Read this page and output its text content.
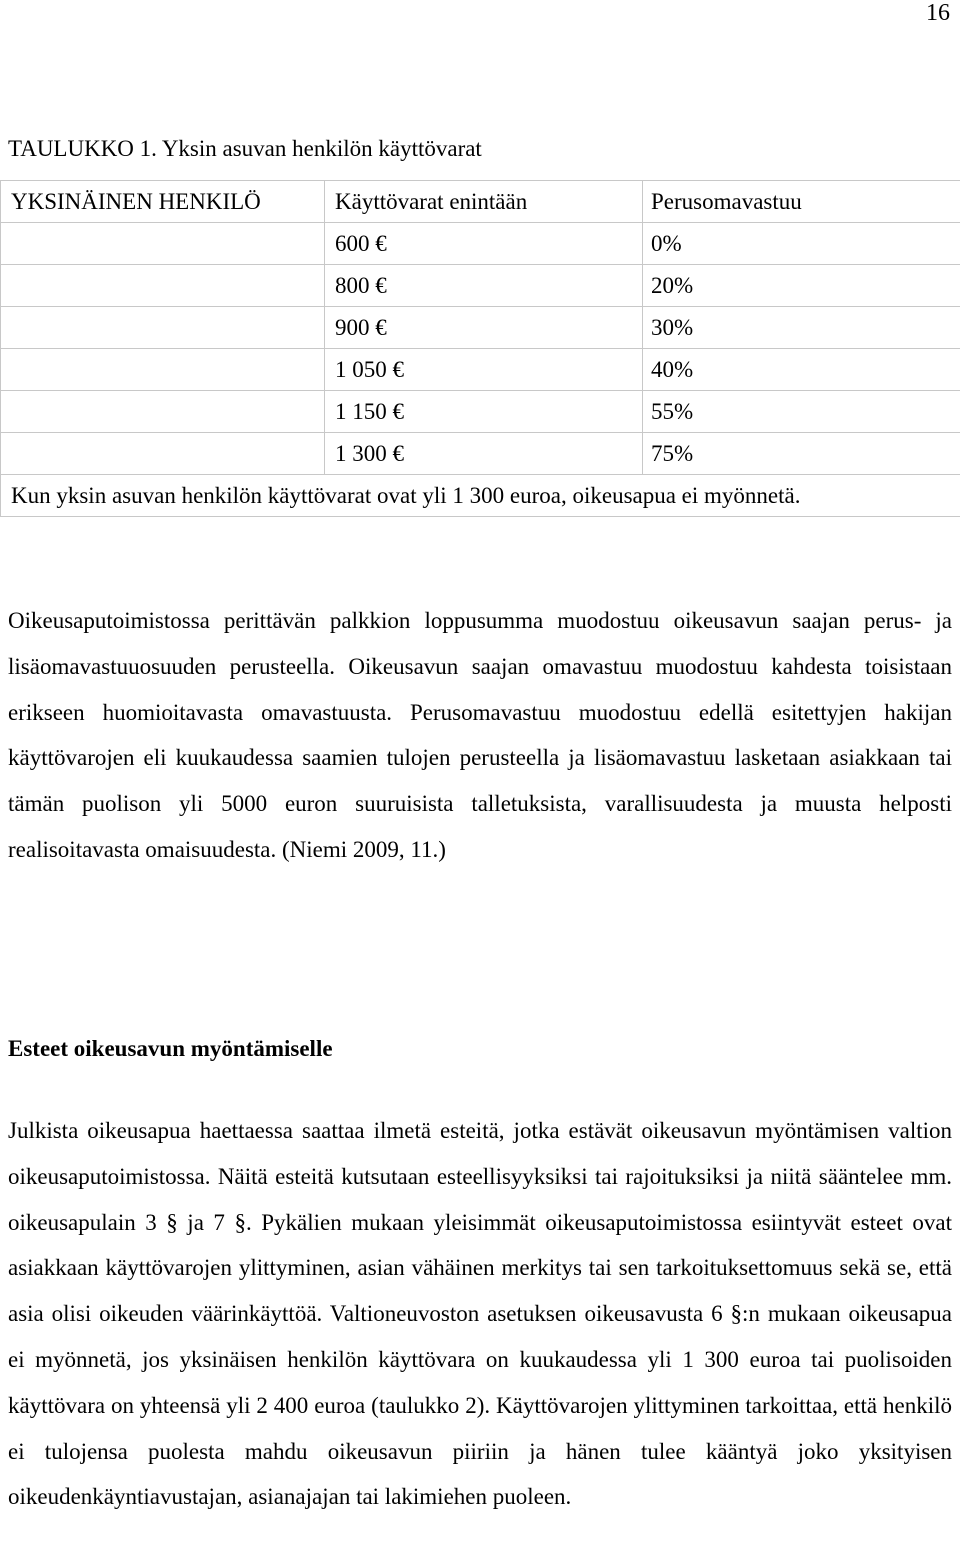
16
TAULUKKO 1. Yksin asuvan henkilön käyttövarat
YKSINÄINEN HENKILÖ	Käyttövarat enintään	Perusomavastuu
	600 €	0%
	800 €	20%
	900 €	30%
	1 050 €	40%
	1 150 €	55%
	1 300 €	75%
Kun yksin asuvan henkilön käyttövarat ovat yli 1 300 euroa, oikeusapua ei myönnetä.		

Oikeusaputoimistossa perittävän palkkion loppusumma muodostuu oikeusavun saajan perus- ja lisäomavastuuosuuden perusteella. Oikeusavun saajan omavastuu muodostuu kahdesta toisistaan erikseen huomioitavasta omavastuusta. Perusomavastuu muodostuu edellä esitettyjen hakijan käyttövarojen eli kuukaudessa saamien tulojen perusteella ja lisäomavastuu lasketaan asiakkaan tai tämän puolison yli 5000 euron suuruisista talletuksista, varallisuudesta ja muusta helposti realisoitavasta omaisuudesta. (Niemi 2009, 11.)

Esteet oikeusavun myöntämiselle

Julkista oikeusapua haettaessa saattaa ilmetä esteitä, jotka estävät oikeusavun myöntämisen valtion oikeusaputoimistossa. Näitä esteitä kutsutaan esteellisyyksiksi tai rajoituksiksi ja niitä sääntelee mm. oikeusapulain 3 § ja 7 §. Pykälien mukaan yleisimmät oikeusaputoimistossa esiintyvät esteet ovat asiakkaan käyttövarojen ylittyminen, asian vähäinen merkitys tai sen tarkoituksettomuus sekä se, että asia olisi oikeuden väärinkäyttöä. Valtioneuvoston asetuksen oikeusavusta 6 §:n mukaan oikeusapua ei myönnetä, jos yksinäisen henkilön käyttövara on kuukaudessa yli 1 300 euroa tai puolisoiden käyttövara on yhteensä yli 2 400 euroa (taulukko 2). Käyttövarojen ylittyminen tarkoittaa, että henkilö ei tulojensa puolesta mahdu oikeusavun piiriin ja hänen tulee kääntyä joko yksityisen oikeudenkäyntiavustajan, asianajajan tai lakimiehen puoleen.
